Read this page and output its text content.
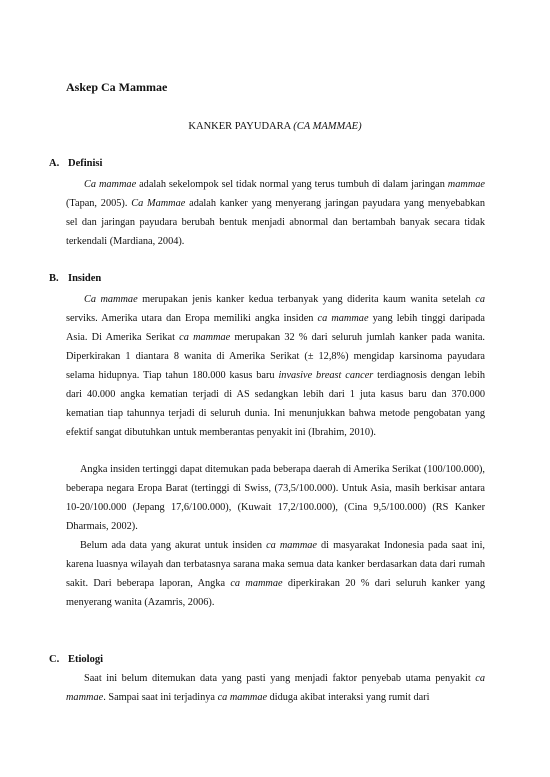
Askep Ca Mammae
KANKER PAYUDARA (CA MAMMAE)
A. Definisi
Ca mammae adalah sekelompok sel tidak normal yang terus tumbuh di dalam jaringan mammae (Tapan, 2005). Ca Mammae adalah kanker yang menyerang jaringan payudara yang menyebabkan sel dan jaringan payudara berubah bentuk menjadi abnormal dan bertambah banyak secara tidak terkendali (Mardiana, 2004).
B. Insiden
Ca mammae merupakan jenis kanker kedua terbanyak yang diderita kaum wanita setelah ca serviks. Amerika utara dan Eropa memiliki angka insiden ca mammae yang lebih tinggi daripada Asia. Di Amerika Serikat ca mammae merupakan 32 % dari seluruh jumlah kanker pada wanita. Diperkirakan 1 diantara 8 wanita di Amerika Serikat (± 12,8%) mengidap karsinoma payudara selama hidupnya. Tiap tahun 180.000 kasus baru invasive breast cancer terdiagnosis dengan lebih dari 40.000 angka kematian terjadi di AS sedangkan lebih dari 1 juta kasus baru dan 370.000 kematian tiap tahunnya terjadi di seluruh dunia. Ini menunjukkan bahwa metode pengobatan yang efektif sangat dibutuhkan untuk memberantas penyakit ini (Ibrahim, 2010).
Angka insiden tertinggi dapat ditemukan pada beberapa daerah di Amerika Serikat (100/100.000), beberapa negara Eropa Barat (tertinggi di Swiss, (73,5/100.000). Untuk Asia, masih berkisar antara 10-20/100.000 (Jepang 17,6/100.000), (Kuwait 17,2/100.000), (Cina 9,5/100.000) (RS Kanker Dharmais, 2002).
Belum ada data yang akurat untuk insiden ca mammae di masyarakat Indonesia pada saat ini, karena luasnya wilayah dan terbatasnya sarana maka semua data kanker berdasarkan data dari rumah sakit. Dari beberapa laporan, Angka ca mammae diperkirakan 20 % dari seluruh kanker yang menyerang wanita (Azamris, 2006).
C. Etiologi
Saat ini belum ditemukan data yang pasti yang menjadi faktor penyebab utama penyakit ca mammae. Sampai saat ini terjadinya ca mammae diduga akibat interaksi yang rumit dari
